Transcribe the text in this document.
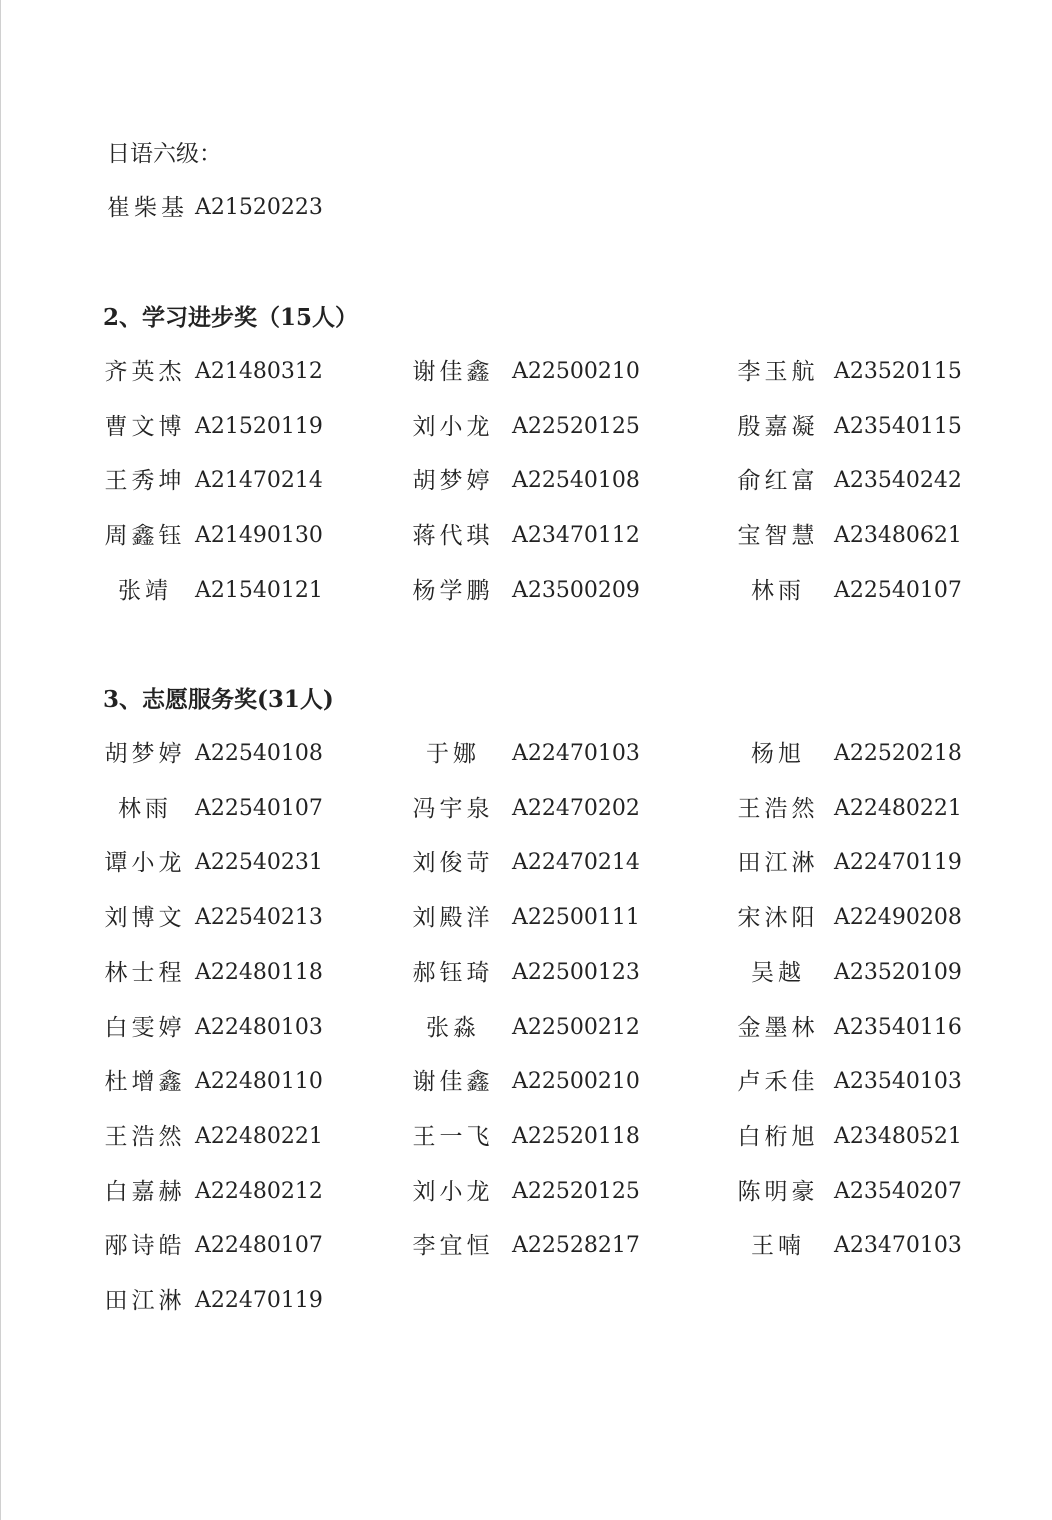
日语六级：
崔柴基 A21520223
2、学习进步奖（15人）
齐英杰 A21480312	谢佳鑫 A22500210	李玉航 A23520115
曹文博 A21520119	刘小龙 A22520125	殷嘉凝 A23540115
王秀坤 A21470214	胡梦婷 A22540108	俞红富 A23540242
周鑫钰 A21490130	蒋代琪 A23470112	宝智慧 A23480621
张靖	A21540121	杨学鹏 A23500209	林雨	A22540107
3、志愿服务奖(31人)
胡梦婷 A22540108	于娜	A22470103	杨旭	A22520218
林雨	A22540107	冯宇泉 A22470202	王浩然 A22480221
谭小龙 A22540231	刘俊苛 A22470214	田江淋 A22470119
刘博文 A22540213	刘殿洋 A22500111	宋沐阳 A22490208
林士程 A22480118	郝钰琦 A22500123	吴越	A23520109
白雯婷 A22480103	张淼	A22500212	金墨林 A23540116
杜增鑫 A22480110	谢佳鑫 A22500210	卢禾佳 A23540103
王浩然 A22480221	王一飞 A22520118	白桁旭 A23480521
白嘉赫 A22480212	刘小龙 A22520125	陈明豪 A23540207
邴诗皓 A22480107	李宜恒 A22528217	王喃	A23470103
田江淋 A22470119
